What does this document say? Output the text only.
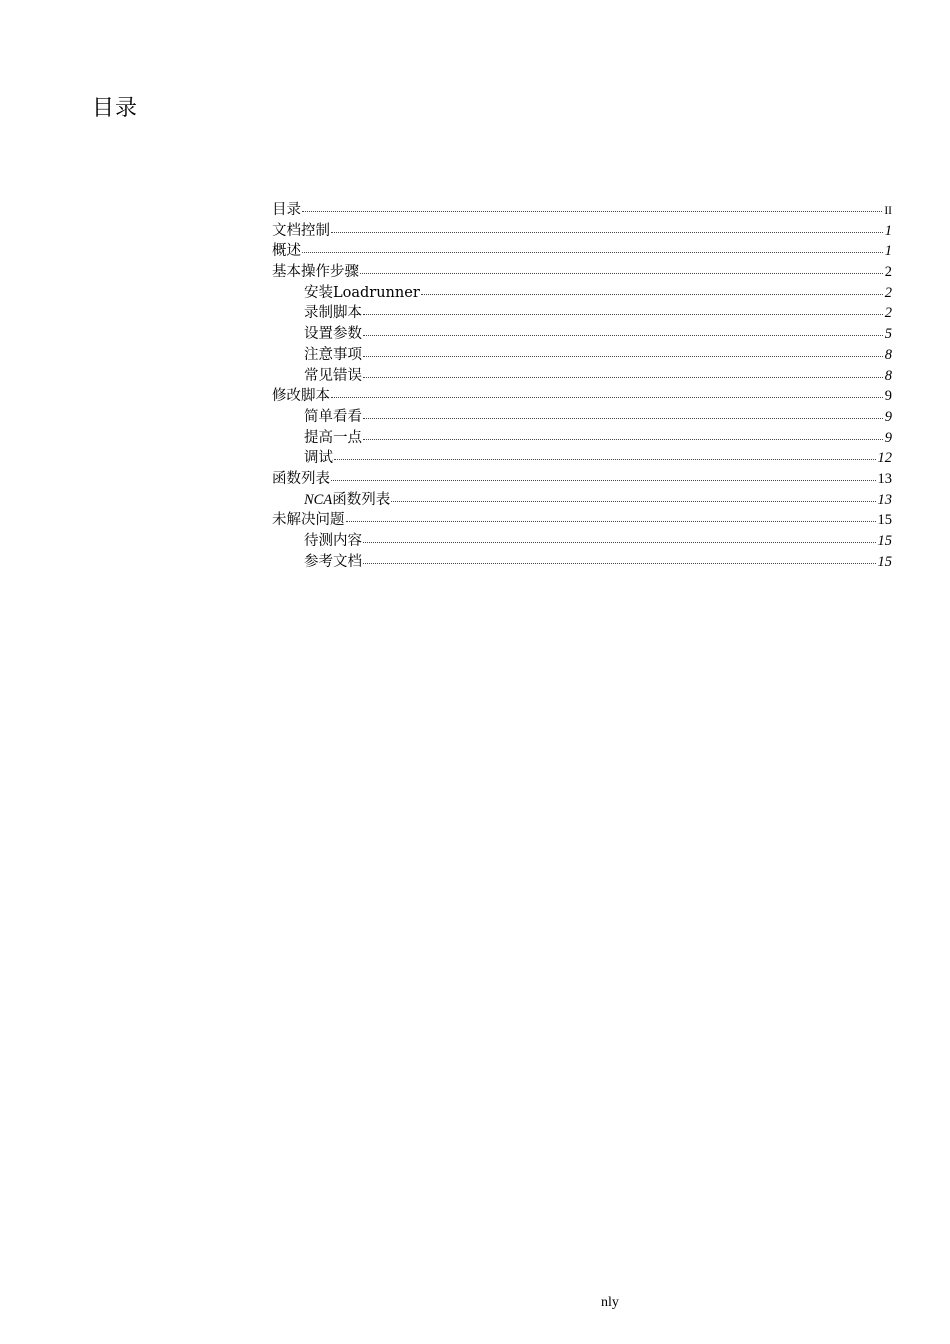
目录
目录	II
文档控制	1
概述	1
基本操作步骤	2
安装Loadrunner	2
录制脚本	2
设置参数	5
注意事项	8
常见错误	8
修改脚本	9
简单看看	9
提高一点	9
调试	12
函数列表	13
NCA函数列表	13
未解决问题	15
待测内容	15
参考文档	15
nly
